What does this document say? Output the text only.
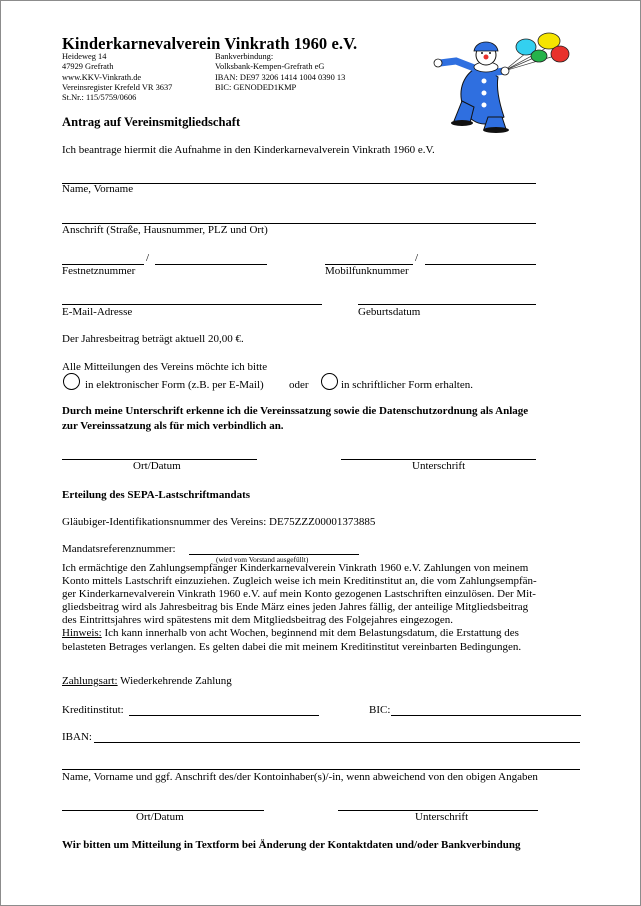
Kinderkarnevalverein Vinkrath 1960 e.V.
Heideweg 14
47929 Grefrath
www.KKV-Vinkrath.de
Vereinsregister Krefeld VR 3637
St.Nr.: 115/5759/0606
Bankverbindung:
Volksbank-Kempen-Grefrath eG
IBAN: DE97 3206 1414 1004 0390 13
BIC: GENODED1KMP
Antrag auf Vereinsmitgliedschaft
Ich beantrage hiermit die Aufnahme in den Kinderkarnevalverein Vinkrath 1960 e.V.
Name, Vorname
Anschrift (Straße, Hausnummer, PLZ und Ort)
/
Festnetznummer
/
Mobilfunknummer
E-Mail-Adresse	Geburtsdatum
Der Jahresbeitrag beträgt aktuell 20,00 €.
Alle Mitteilungen des Vereins möchte ich bitte
in elektronischer Form (z.B. per E-Mail) oder	in schriftlicher Form erhalten.
Durch meine Unterschrift erkenne ich die Vereinssatzung sowie die Datenschutzordnung als Anlage
zur Vereinssatzung als für mich verbindlich an.
Ort/Datum	Unterschrift
Erteilung des SEPA-Lastschriftmandats
Gläubiger-Identifikationsnummer des Vereins: DE75ZZZ00001373885
Mandatsreferenznummer:
(wird vom Vorstand ausgefüllt)
Ich ermächtige den Zahlungsempfänger Kinderkarnevalverein Vinkrath 1960 e.V. Zahlungen von meinem
Konto mittels Lastschrift einzuziehen. Zugleich weise ich mein Kreditinstitut an, die vom Zahlungsempfän-
ger Kinderkarnevalverein Vinkrath 1960 e.V. auf mein Konto gezogenen Lastschriften einzulösen. Der Mit-
gliedsbeitrag wird als Jahresbeitrag bis Ende März eines jeden Jahres fällig, der anteilige Mitgliedsbeitrag
des Eintrittsjahres wird spätestens mit dem Mitgliedsbeitrag des Folgejahres eingezogen.
Hinweis: Ich kann innerhalb von acht Wochen, beginnend mit dem Belastungsdatum, die Erstattung des
belasteten Betrages verlangen. Es gelten dabei die mit meinem Kreditinstitut vereinbarten Bedingungen.
Zahlungsart: Wiederkehrende Zahlung
Kreditinstitut:	BIC:
IBAN:
Name, Vorname und ggf. Anschrift des/der Kontoinhaber(s)/-in, wenn abweichend von den obigen Angaben
Ort/Datum	Unterschrift
Wir bitten um Mitteilung in Textform bei Änderung der Kontaktdaten und/oder Bankverbindung
